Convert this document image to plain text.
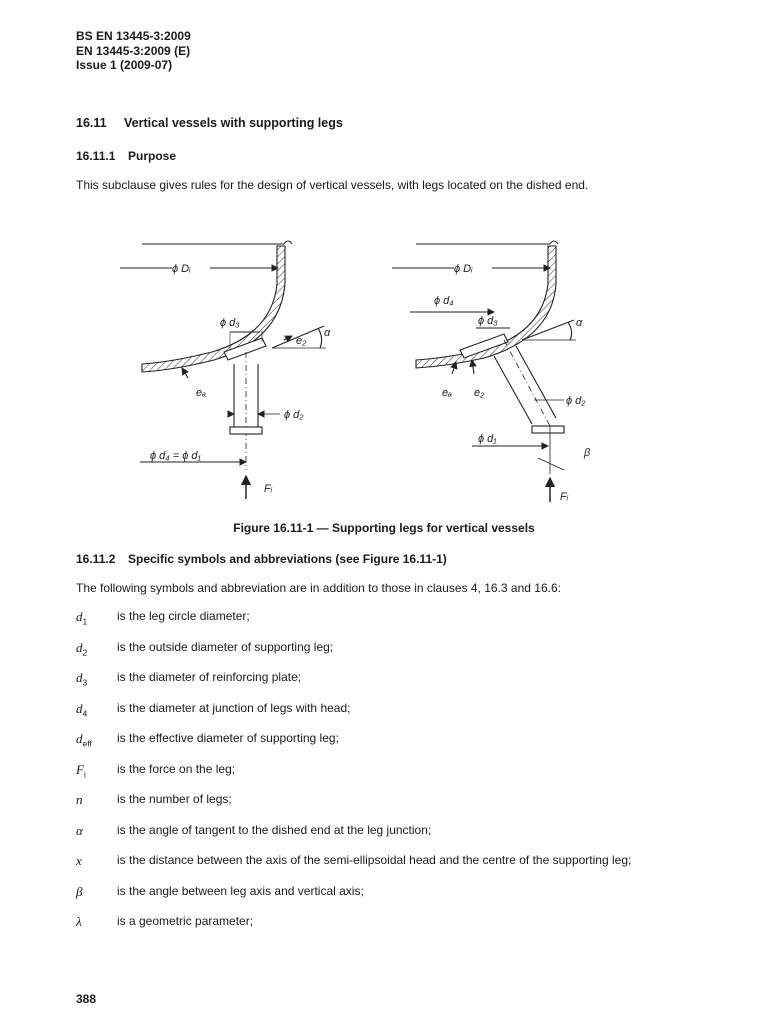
BS EN 13445-3:2009
EN 13445-3:2009 (E)
Issue 1 (2009-07)
16.11 Vertical vessels with supporting legs
16.11.1 Purpose
This subclause gives rules for the design of vertical vessels, with legs located on the dished end.
ϕ Dᵢ
ϕ d₃
α
e₂
eₐ
ϕ d₂
ϕ d₄ = ϕ d₁
Fᵢ
ϕ Dᵢ
ϕ d₄
ϕ d₃	α
eₐ e₂
ϕ d₂
ϕ d₁
β
Fᵢ
Figure 16.11-1 — Supporting legs for vertical vessels
16.11.2 Specific symbols and abbreviations (see Figure 16.11-1)
The following symbols and abbreviation are in addition to those in clauses 4, 16.3 and 16.6:
$d_1$	is the leg circle diameter;
$d_2$	is the outside diameter of supporting leg;
$d_3$	is the diameter of reinforcing plate;
$d_4$	is the diameter at junction of legs with head;
$d_{eff}$	is the effective diameter of supporting leg;
$F_i$	is the force on the leg;
n	is the number of legs;
α	is the angle of tangent to the dished end at the leg junction;
x	is the distance between the axis of the semi-ellipsoidal head and the centre of the supporting leg;
β	is the angle between leg axis and vertical axis;
λ	is a geometric parameter;
388
